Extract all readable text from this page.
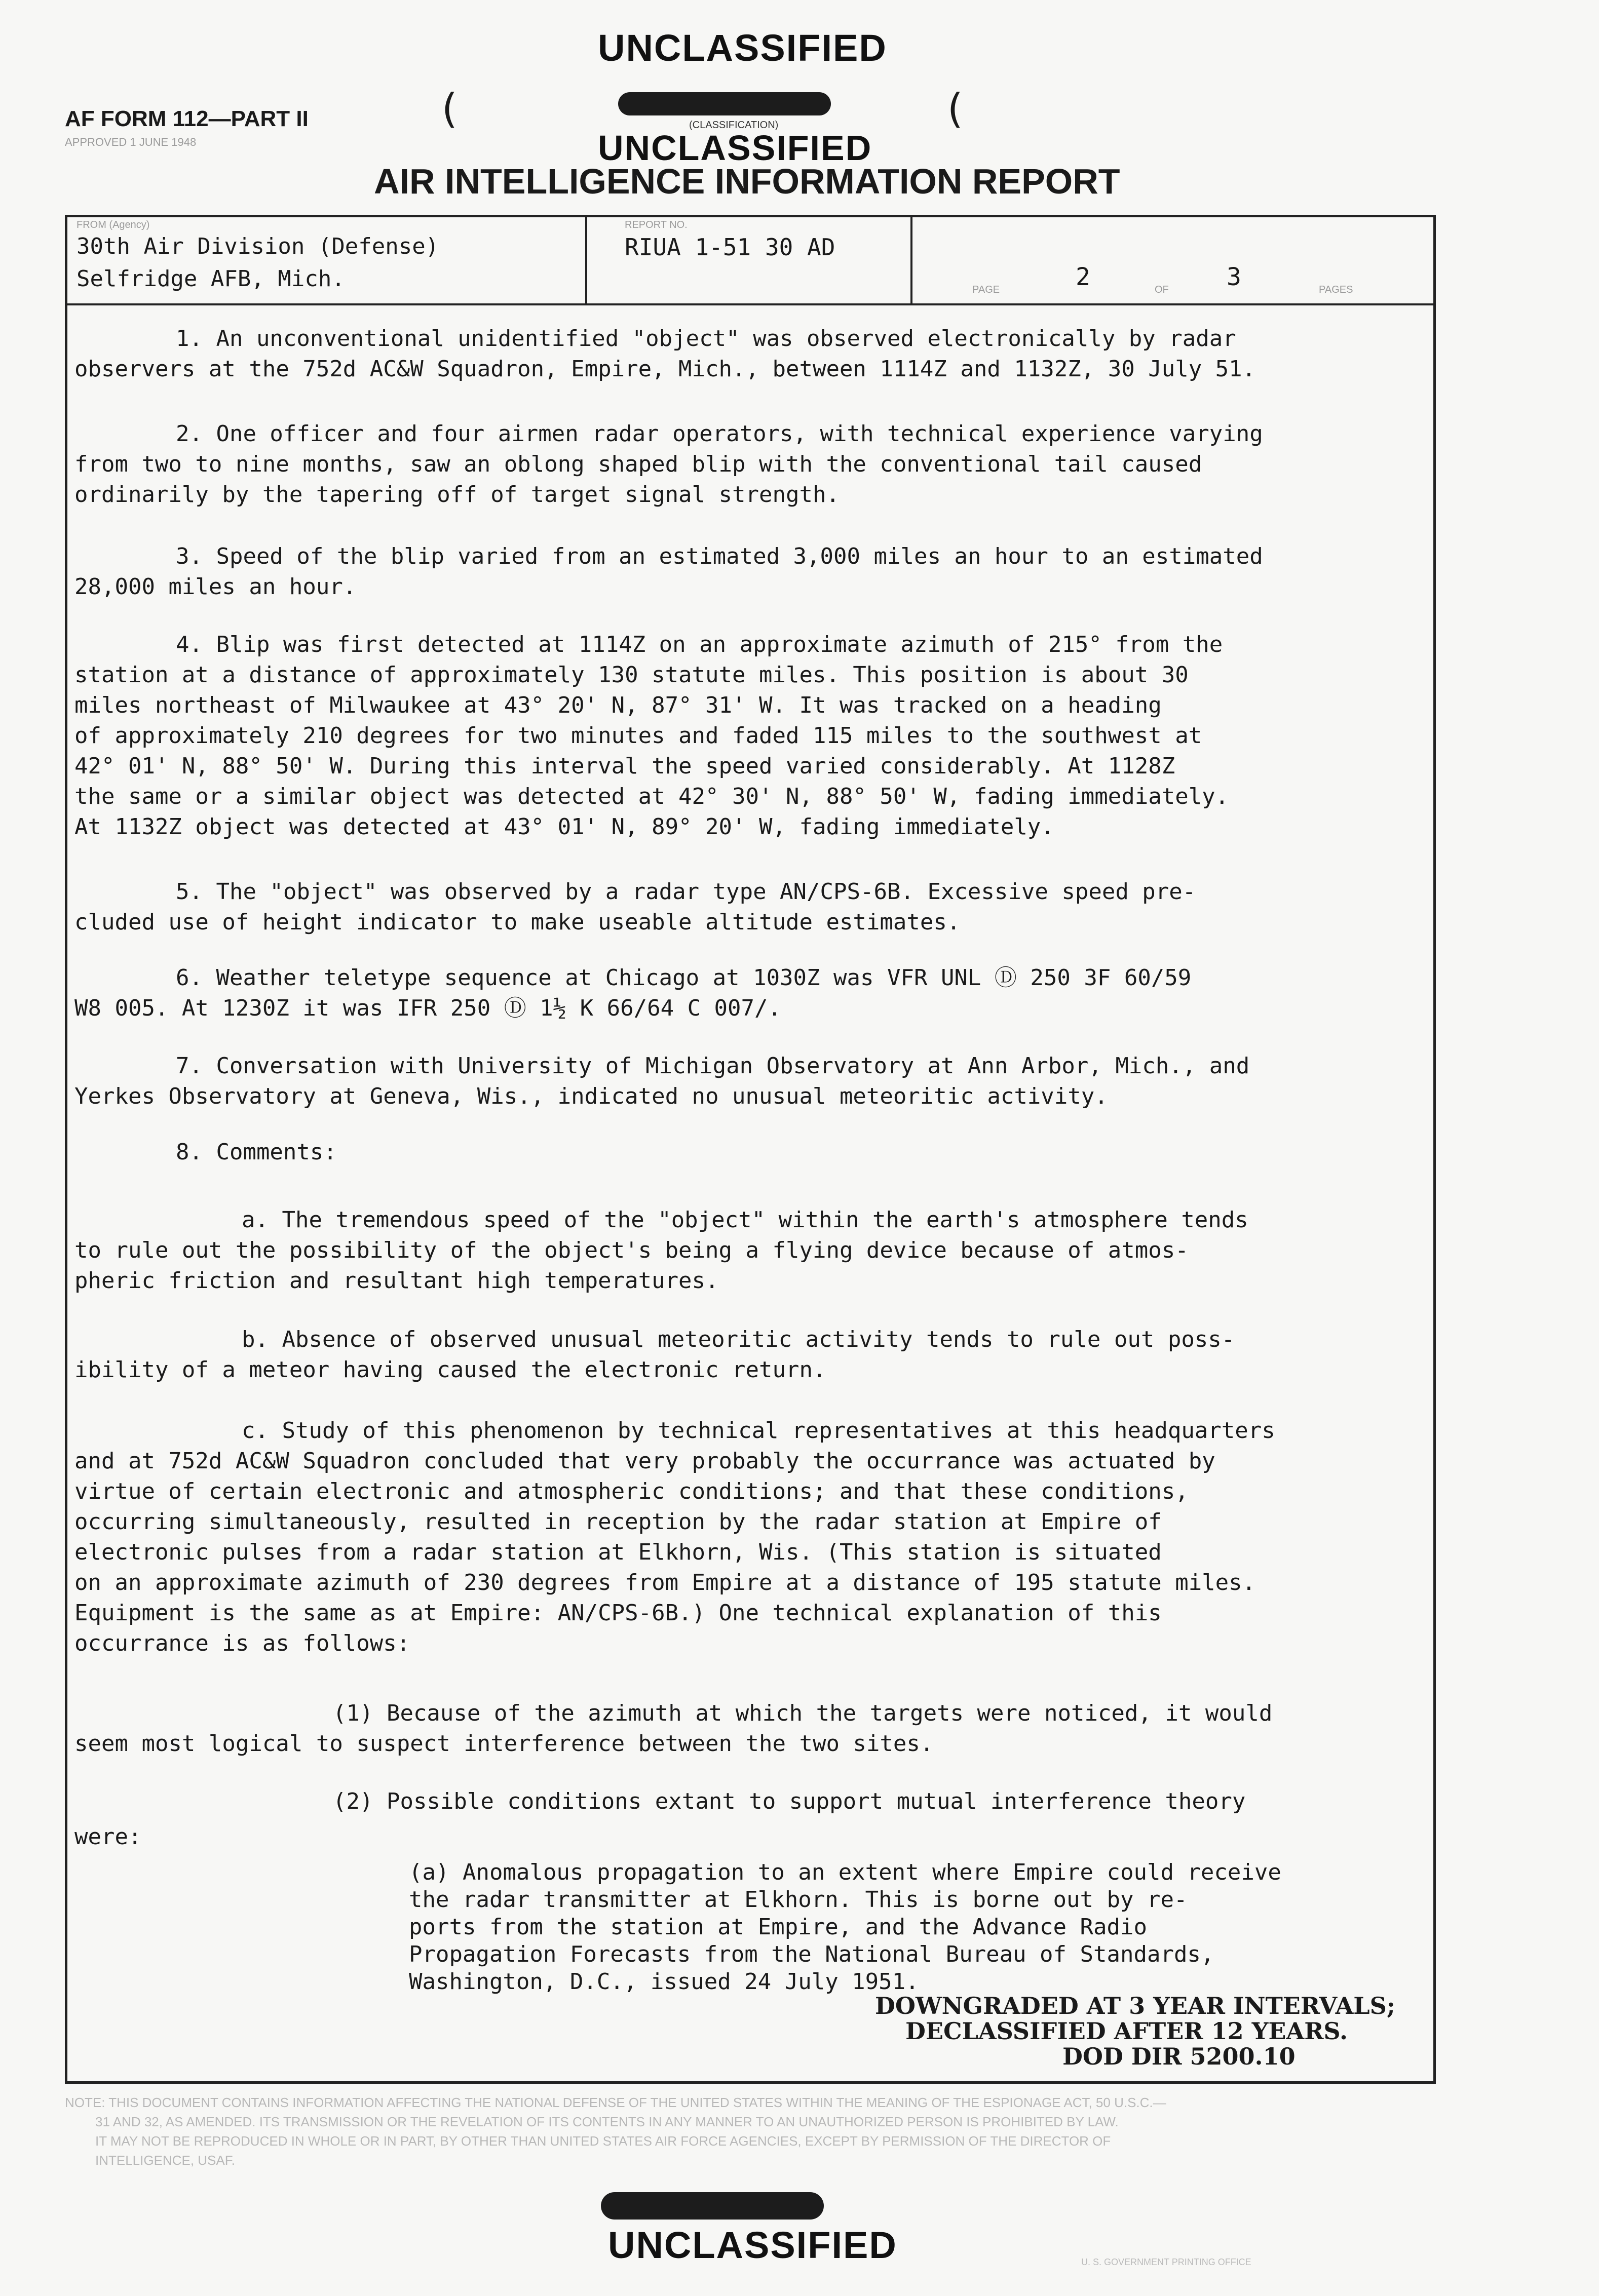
UNCLASSIFIED
AF FORM 112—PART II
APPROVED 1 JUNE 1948
(	(
(CLASSIFICATION)
UNCLASSIFIED
AIR INTELLIGENCE INFORMATION REPORT
FROM (Agency)
30th Air Division (Defense)
Selfridge AFB, Mich.
REPORT NO.
RIUA 1-51 30 AD
PAGE	2	OF 3	PAGES
1. An unconventional unidentified "object" was observed electronically by radar
observers at the 752d AC&W Squadron, Empire, Mich., between 1114Z and 1132Z, 30 July 51.
2. One officer and four airmen radar operators, with technical experience varying
from two to nine months, saw an oblong shaped blip with the conventional tail caused
ordinarily by the tapering off of target signal strength.
3. Speed of the blip varied from an estimated 3,000 miles an hour to an estimated
28,000 miles an hour.
4. Blip was first detected at 1114Z on an approximate azimuth of 215° from the
station at a distance of approximately 130 statute miles. This position is about 30
miles northeast of Milwaukee at 43° 20' N, 87° 31' W. It was tracked on a heading
of approximately 210 degrees for two minutes and faded 115 miles to the southwest at
42° 01' N, 88° 50' W. During this interval the speed varied considerably. At 1128Z
the same or a similar object was detected at 42° 30' N, 88° 50' W, fading immediately.
At 1132Z object was detected at 43° 01' N, 89° 20' W, fading immediately.
5. The "object" was observed by a radar type AN/CPS-6B. Excessive speed pre-
cluded use of height indicator to make useable altitude estimates.
6. Weather teletype sequence at Chicago at 1030Z was VFR UNL Ⓓ 250 3F 60/59
W8 005. At 1230Z it was IFR 250 Ⓓ 1½ K 66/64 C 007/.
7. Conversation with University of Michigan Observatory at Ann Arbor, Mich., and
Yerkes Observatory at Geneva, Wis., indicated no unusual meteoritic activity.
8. Comments:
a. The tremendous speed of the "object" within the earth's atmosphere tends
to rule out the possibility of the object's being a flying device because of atmos-
pheric friction and resultant high temperatures.
b. Absence of observed unusual meteoritic activity tends to rule out poss-
ibility of a meteor having caused the electronic return.
c. Study of this phenomenon by technical representatives at this headquarters
and at 752d AC&W Squadron concluded that very probably the occurrance was actuated by
virtue of certain electronic and atmospheric conditions; and that these conditions,
occurring simultaneously, resulted in reception by the radar station at Empire of
electronic pulses from a radar station at Elkhorn, Wis. (This station is situated
on an approximate azimuth of 230 degrees from Empire at a distance of 195 statute miles.
Equipment is the same as at Empire: AN/CPS-6B.) One technical explanation of this
occurrance is as follows:
(1) Because of the azimuth at which the targets were noticed, it would
seem most logical to suspect interference between the two sites.
(2) Possible conditions extant to support mutual interference theory
were:
(a) Anomalous propagation to an extent where Empire could receive
the radar transmitter at Elkhorn. This is borne out by re-
ports from the station at Empire, and the Advance Radio
Propagation Forecasts from the National Bureau of Standards,
Washington, D.C., issued 24 July 1951.
DOWNGRADED AT 3 YEAR INTERVALS;
DECLASSIFIED AFTER 12 YEARS.
DOD DIR 5200.10
NOTE: THIS DOCUMENT CONTAINS INFORMATION AFFECTING THE NATIONAL DEFENSE OF THE UNITED STATES WITHIN THE MEANING OF THE ESPIONAGE ACT, 50 U.S.C.—
31 AND 32, AS AMENDED. ITS TRANSMISSION OR THE REVELATION OF ITS CONTENTS IN ANY MANNER TO AN UNAUTHORIZED PERSON IS PROHIBITED BY LAW.
IT MAY NOT BE REPRODUCED IN WHOLE OR IN PART, BY OTHER THAN UNITED STATES AIR FORCE AGENCIES, EXCEPT BY PERMISSION OF THE DIRECTOR OF
INTELLIGENCE, USAF.
UNCLASSIFIED	U. S. GOVERNMENT PRINTING OFFICE
